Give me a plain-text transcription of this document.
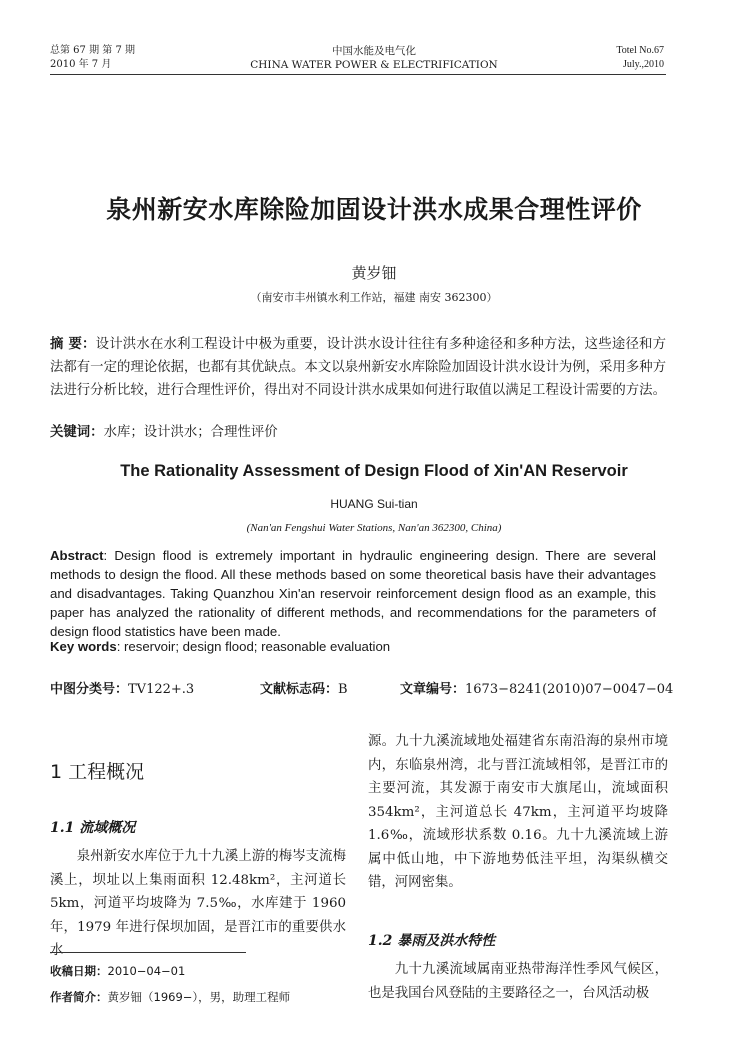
总第 67 期 第 7 期
2010 年 7 月
中国水能及电气化
CHINA WATER POWER & ELECTRIFICATION
Totel No.67
July.,2010
泉州新安水库除险加固设计洪水成果合理性评价
黄岁钿
（南安市丰州镇水利工作站，福建 南安 362300）
摘 要：设计洪水在水利工程设计中极为重要，设计洪水设计往往有多种途径和多种方法，这些途径和方法都有一定的理论依据，也都有其优缺点。本文以泉州新安水库除险加固设计洪水设计为例，采用多种方法进行分析比较，进行合理性评价，得出对不同设计洪水成果如何进行取值以满足工程设计需要的方法。
关键词：水库；设计洪水；合理性评价
The Rationality Assessment of Design Flood of Xin'AN Reservoir
HUANG Sui-tian
(Nan'an Fengshui Water Stations, Nan'an 362300, China)
Abstract: Design flood is extremely important in hydraulic engineering design. There are several methods to design the flood. All these methods based on some theoretical basis have their advantages and disadvantages. Taking Quanzhou Xin'an reservoir reinforcement design flood as an example, this paper has analyzed the rationality of different methods, and recommendations for the parameters of design flood statistics have been made.
Key words: reservoir; design flood; reasonable evaluation
中图分类号：TV122+.3	文献标志码：B	文章编号：1673−8241(2010)07−0047−04
1 工程概况
1.1 流域概况
泉州新安水库位于九十九溪上游的梅岑支流梅溪上，坝址以上集雨面积 12.48km²，主河道长 5km，河道平均坡降为 7.5‰，水库建于 1960 年，1979 年进行保坝加固，是晋江市的重要供水水
源。九十九溪流域地处福建省东南沿海的泉州市境内，东临泉州湾，北与晋江流域相邻，是晋江市的主要河流，其发源于南安市大旗尾山，流域面积 354km²，主河道总长 47km，主河道平均坡降 1.6‰，流域形状系数 0.16。九十九溪流域上游属中低山地，中下游地势低洼平坦，沟渠纵横交错，河网密集。
1.2 暴雨及洪水特性
九十九溪流域属南亚热带海洋性季风气候区，也是我国台风登陆的主要路径之一，台风活动极
收稿日期：2010−04−01
作者简介：黄岁钿（1969−），男，助理工程师
